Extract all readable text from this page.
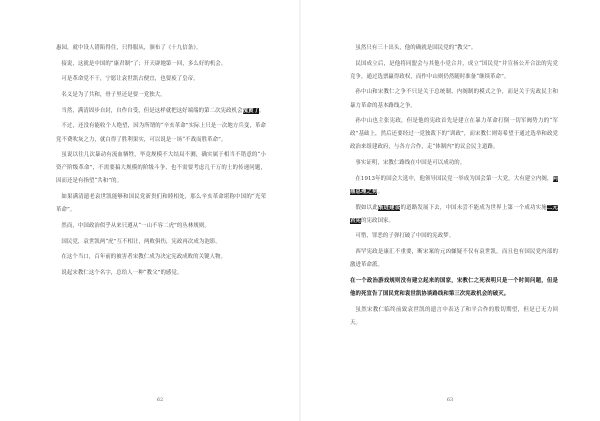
惠园，就中设人错陷得住，只得服从，颁布了《十九信条》。

接说，这就是中国的“康君制”了；开天辟地第一回，多么好的机会。

可是革命党不干，宁愿让袁世凯占便宜，也要废了皇帝。

名义是为了共和，骨子里还是要一党独大。

当然，满清固步自封，自作自受，但是这样就把这好端端的第二次宪政机会搅黄了。

不过，还没有能收个人绝望，因为所谓的“辛亥革命”实际上只是一次地方兵变，革命党不费吹灰之力，就白得了胜利果实，可以说是一场“不战而胜革命”。

虽说以往几次暴动有流血牺牲，毕竟规模不大结局不测，确实属于相当不错意的“小资产阶级革命”，不需要搞大规模的阶级斗争，也不需要考虑几千万的土的传递问题，因而还是有指望“共和”的。

如果满清遗老袁世凯能够和国民党新贵们和睦相处，那么辛亥革命堪称中国的“光荣革命”。

然而，中国政治似乎从来只遵从“一山不容二虎”的丛林规则。

国民党，袁世凯两“虎”互不相让，两败俱伤，宪政再次成为泡影。

在这个当口，百年前的被害者宋教仁成为决定宪政成败的关键人物。

说起宋教仁这个名字，总给人一种“教父”的感觉。

62

虽然只有三十出头，他的确就是国民党的“教父”。

民国成立后，是他将同盟会与其他小党合并，成立“国民党”并宣扬公开合法的宪党竞争，通过选票赢得政权，而作中山则仍然随时准备“继续革命”。

孙中山和宋教仁之争不只是关于总统制、内阁制的模式之争，而是关于宪政民主和暴力革命的基本路线之争。

孙中山也主张宪政，但是他的宪政首先是建立在暴力革命打倒一切军阀势力的“军政”基础上，然后还要经过一党独裁下的“训政”，而宋教仁则寄希望于通过选举和政党政治来组建政府，与各方合作，走“体制内”的议会民主道路。

事实证明，宋教仁路线在中国是可以成功的。

在1913年的国会大选中，他领导国民党一举成为国会第一大党，大有建立内阁，问鼎总理之势。

假如以此渐进建设的道路发展下去，中国未尝不能成为世界上第一个成功实施二元君宪的宪政国家。

可惜，罪恶的子弹打破了中国的宪政梦。

西罕宪政是康汇不重要，断宋案的元凶嫌疑不仅有袁世凯，而且也有国民党内部的激进革命派。

在一个政治游戏规则没有建立起来的国家，宋教仁之死表明只是一个时间问题，但是他的死宣告了国民党和袁世凯协谈路线和第三次宪政机会的破灭。

虽然宋教仁临终前致袁世凯的遗言中表达了和平合作的殷切期望，但是已无力回天。

63
